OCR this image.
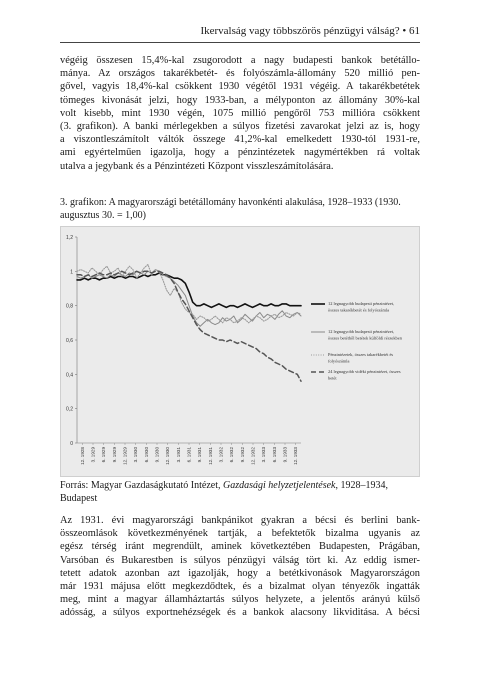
Ikervalság vagy többszörös pénzügyi válság? • 61

végéig összesen 15,4%-kal zsugorodott a nagy budapesti bankok betétállo-
mánya. Az országos takarékbetét- és folyószámla-állomány 520 millió pen-
gővel, vagyis 18,4%-kal csökkent 1930 végétől 1931 végéig. A takarékbetétek
tömeges kivonását jelzi, hogy 1933-ban, a mélyponton az állomány 30%-kal
volt kisebb, mint 1930 végén, 1075 millió pengőről 753 millióra csökkent
(3. grafikon). A banki mérlegekben a súlyos fizetési zavarokat jelzi az is, hogy
a viszontleszámítolt váltók összege 41,2%-kal emelkedett 1930-tól 1931-re,
ami egyértelműen igazolja, hogy a pénzintézetek nagymértékben rá voltak
utalva a jegybank és a Pénzintézeti Központ visszleszámítolására.

3. grafikon: A magyarországi betétállomány havonkénti alakulása, 1928–1933 (1930.
augusztus 30. = 1,00)

0
0,2
0,4
0,6
0,8
1
1,2
12. 1928 3. 1929 6. 1929 9. 1929 12. 1929 3. 1930 6. 1930 9. 1930 12. 1930 3. 1931 6. 1931 9. 1931 12. 1931 3. 1932 6. 1932 9. 1932 12. 1932 3. 1933 6. 1933 9. 1933 12. 1933
12 legnagyobb budapesti pénzintézet,
összes takarékbetét és folyószámla
12 legnagyobb budapesti pénzintézet,
összes betétből betétek külföldi részekben
Pénzintézetek, összes takarékbetét és
folyószámla
24 legnagyobb vidéki pénzintézet, összes
betét

Forrás: Magyar Gazdaságkutató Intézet, Gazdasági helyzetjelentések, 1928–1934,
Budapest

Az 1931. évi magyarországi bankpánikot gyakran a bécsi és berlini bank-
összeomlások következményének tartják, a befektetők bizalma ugyanis az
egész térség iránt megrendült, aminek következtében Budapesten, Prágában,
Varsóban és Bukarestben is súlyos pénzügyi válság tört ki. Az eddig ismer-
tetett adatok azonban azt igazolják, hogy a betétkivonások Magyarországon
már 1931 májusa előtt megkezdődtek, és a bizalmat olyan tényezők ingatták
meg, mint a magyar államháztartás súlyos helyzete, a jelentős arányú külső
adósság, a súlyos exportnehézségek és a bankok alacsony likviditása. A bécsi
